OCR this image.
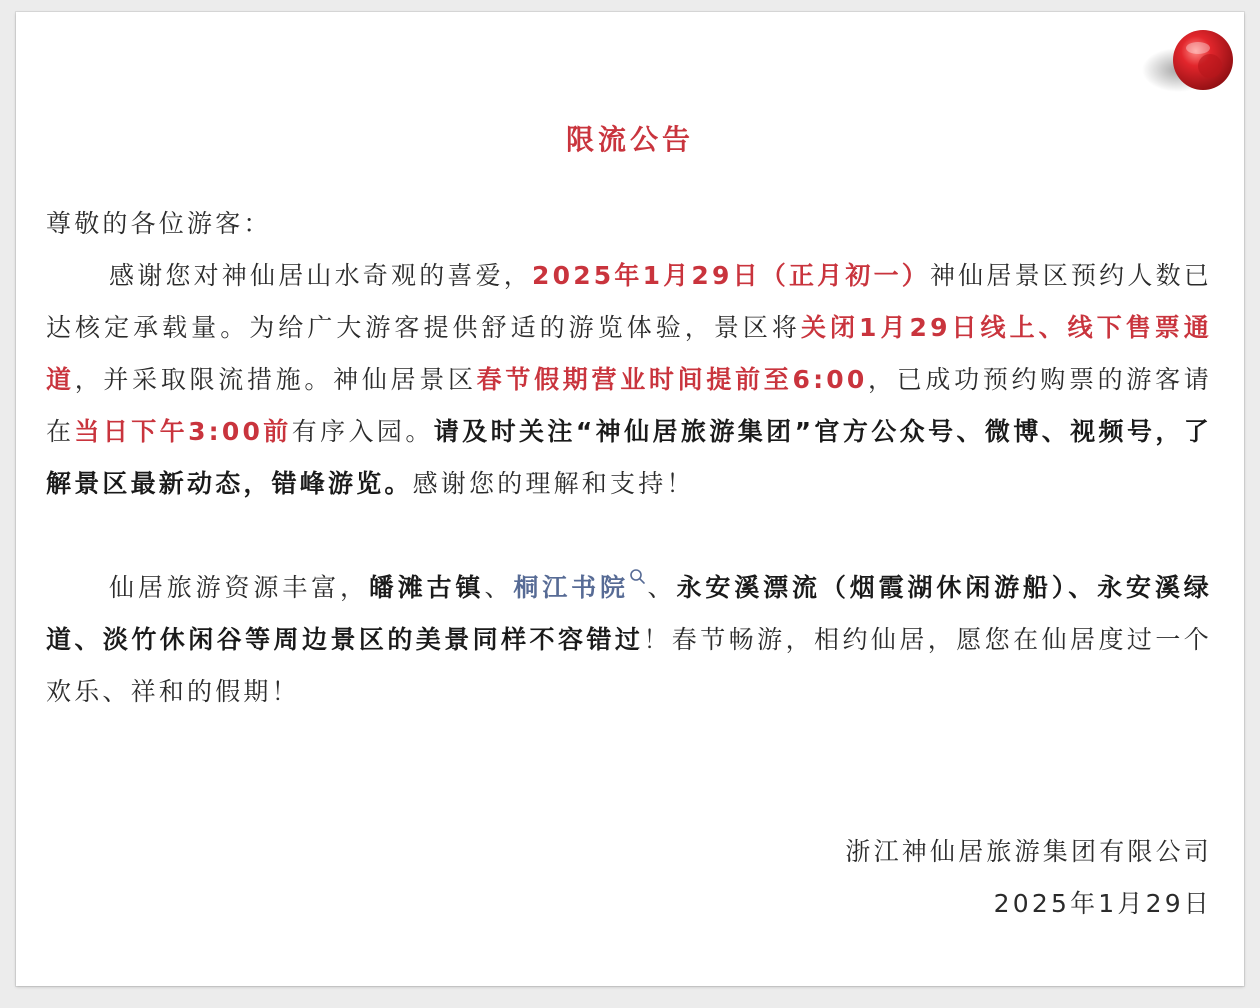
限流公告

尊敬的各位游客：

感谢您对神仙居山水奇观的喜爱，2025年1月29日（正月初一）神仙居景区预约人数已达核定承载量。为给广大游客提供舒适的游览体验，景区将关闭1月29日线上、线下售票通道，并采取限流措施。神仙居景区春节假期营业时间提前至6:00，已成功预约购票的游客请在当日下午3:00前有序入园。请及时关注“神仙居旅游集团”官方公众号、微博、视频号，了解景区最新动态，错峰游览。感谢您的理解和支持！

仙居旅游资源丰富，皤滩古镇、桐江书院 、永安溪漂流（烟霞湖休闲游船）、永安溪绿道、淡竹休闲谷等周边景区的美景同样不容错过！春节畅游，相约仙居，愿您在仙居度过一个欢乐、祥和的假期！

浙江神仙居旅游集团有限公司
2025年1月29日
